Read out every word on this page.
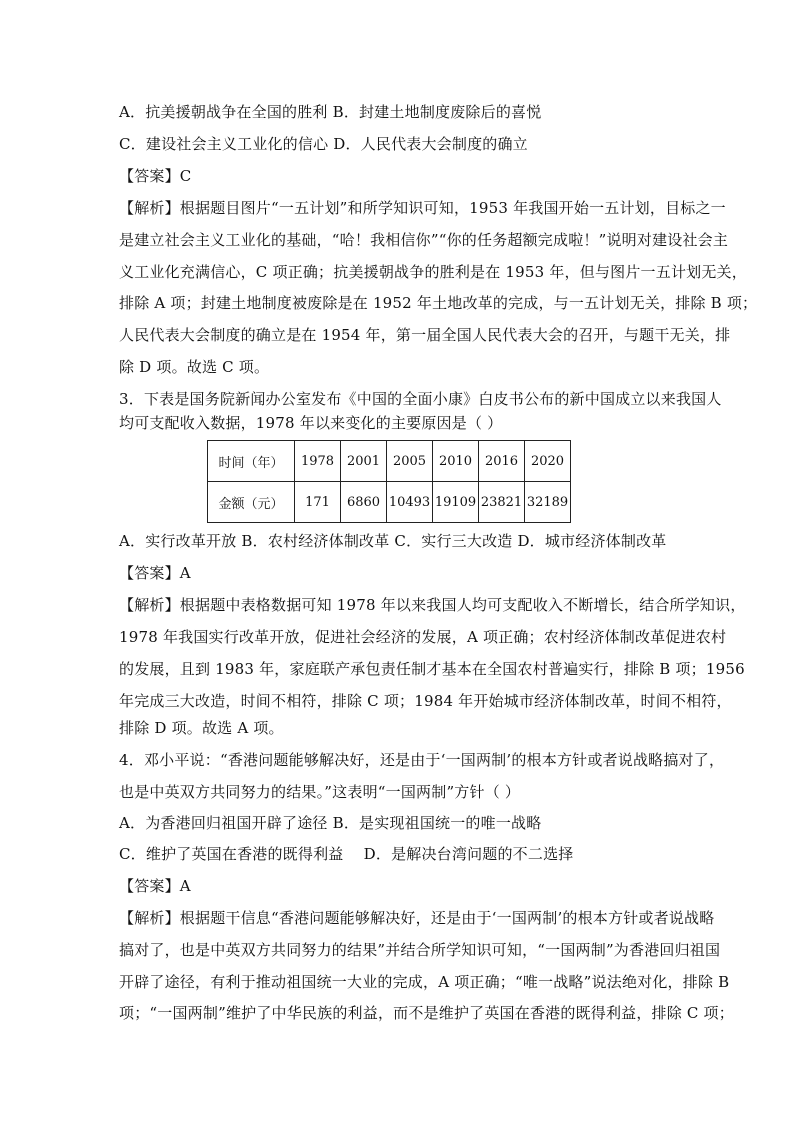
A．抗美援朝战争在全国的胜利 B．封建土地制度废除后的喜悦
C．建设社会主义工业化的信心 D．人民代表大会制度的确立
【答案】C
【解析】根据题目图片“一五计划”和所学知识可知，1953 年我国开始一五计划，目标之一
是建立社会主义工业化的基础，“哈！我相信你”“你的任务超额完成啦！”说明对建设社会主
义工业化充满信心，C 项正确；抗美援朝战争的胜利是在 1953 年，但与图片一五计划无关，
排除 A 项；封建土地制度被废除是在 1952 年土地改革的完成，与一五计划无关，排除 B 项；
人民代表大会制度的确立是在 1954 年，第一届全国人民代表大会的召开，与题干无关，排
除 D 项。故选 C 项。
3．下表是国务院新闻办公室发布《中国的全面小康》白皮书公布的新中国成立以来我国人
均可支配收入数据，1978 年以来变化的主要原因是（ ）
时间（年）	1978	2001	2005	2010	2016	2020
金额（元）	171	6860	10493	19109	23821	32189
A．实行改革开放 B．农村经济体制改革 C．实行三大改造 D．城市经济体制改革
【答案】A
【解析】根据题中表格数据可知 1978 年以来我国人均可支配收入不断增长，结合所学知识，
1978 年我国实行改革开放，促进社会经济的发展，A 项正确；农村经济体制改革促进农村
的发展，且到 1983 年，家庭联产承包责任制才基本在全国农村普遍实行，排除 B 项；1956
年完成三大改造，时间不相符，排除 C 项；1984 年开始城市经济体制改革，时间不相符，
排除 D 项。故选 A 项。
4．邓小平说：“香港问题能够解决好，还是由于‘一国两制’的根本方针或者说战略搞对了，
也是中英双方共同努力的结果。”这表明“一国两制”方针（ ）
A．为香港回归祖国开辟了途径 B．是实现祖国统一的唯一战略
C．维护了英国在香港的既得利益　 D．是解决台湾问题的不二选择
【答案】A
【解析】根据题干信息“香港问题能够解决好，还是由于‘一国两制’的根本方针或者说战略
搞对了，也是中英双方共同努力的结果”并结合所学知识可知，“一国两制”为香港回归祖国
开辟了途径，有利于推动祖国统一大业的完成，A 项正确；“唯一战略”说法绝对化，排除 B
项；“一国两制”维护了中华民族的利益，而不是维护了英国在香港的既得利益，排除 C 项；
